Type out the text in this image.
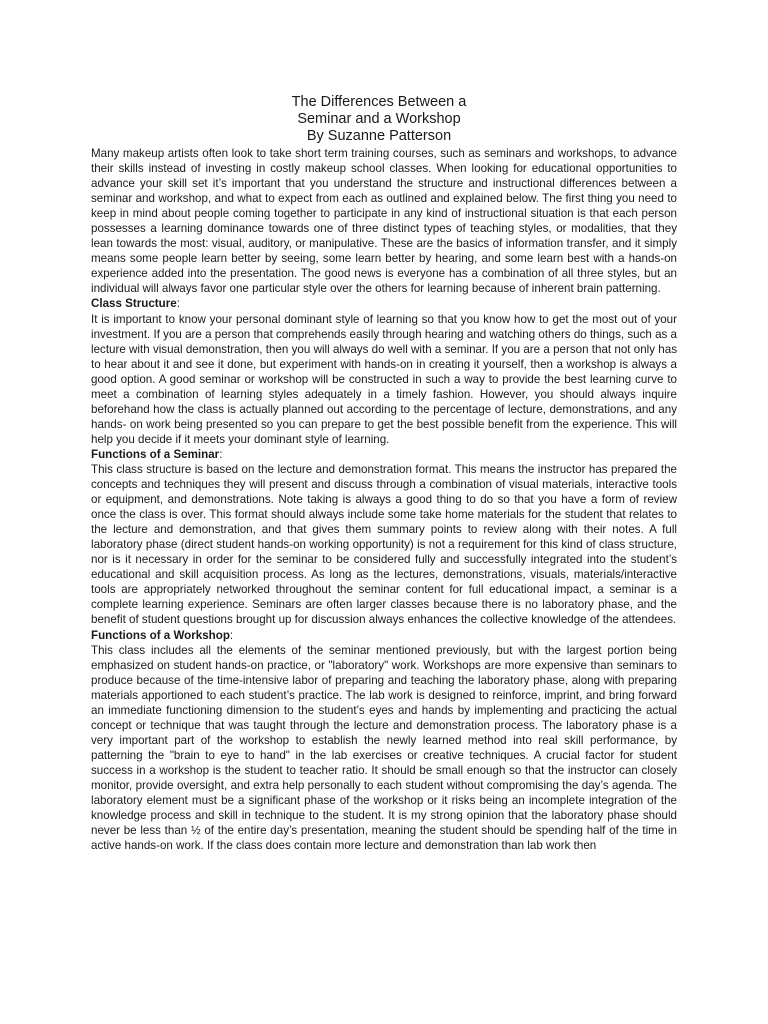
The Differences Between a
Seminar and a Workshop
By Suzanne Patterson

Many makeup artists often look to take short term training courses, such as seminars and workshops, to advance their skills instead of investing in costly makeup school classes. When looking for educational opportunities to advance your skill set it’s important that you understand the structure and instructional differences between a seminar and workshop, and what to expect from each as outlined and explained below. The first thing you need to keep in mind about people coming together to participate in any kind of instructional situation is that each person possesses a learning dominance towards one of three distinct types of teaching styles, or modalities, that they lean towards the most: visual, auditory, or manipulative. These are the basics of information transfer, and it simply means some people learn better by seeing, some learn better by hearing, and some learn best with a hands-on experience added into the presentation. The good news is everyone has a combination of all three styles, but an individual will always favor one particular style over the others for learning because of inherent brain patterning.

Class Structure:

It is important to know your personal dominant style of learning so that you know how to get the most out of your investment. If you are a person that comprehends easily through hearing and watching others do things, such as a lecture with visual demonstration, then you will always do well with a seminar. If you are a person that not only has to hear about it and see it done, but experiment with hands-on in creating it yourself, then a workshop is always a good option. A good seminar or workshop will be constructed in such a way to provide the best learning curve to meet a combination of learning styles adequately in a timely fashion. However, you should always inquire beforehand how the class is actually planned out according to the percentage of lecture, demonstrations, and any hands- on work being presented so you can prepare to get the best possible benefit from the experience. This will help you decide if it meets your dominant style of learning.

Functions of a Seminar:

This class structure is based on the lecture and demonstration format. This means the instructor has prepared the concepts and techniques they will present and discuss through a combination of visual materials, interactive tools or equipment, and demonstrations. Note taking is always a good thing to do so that you have a form of review once the class is over. This format should always include some take home materials for the student that relates to the lecture and demonstration, and that gives them summary points to review along with their notes. A full laboratory phase (direct student hands-on working opportunity) is not a requirement for this kind of class structure, nor is it necessary in order for the seminar to be considered fully and successfully integrated into the student’s educational and skill acquisition process. As long as the lectures, demonstrations, visuals, materials/interactive tools are appropriately networked throughout the seminar content for full educational impact, a seminar is a complete learning experience. Seminars are often larger classes because there is no laboratory phase, and the benefit of student questions brought up for discussion always enhances the collective knowledge of the attendees.

Functions of a Workshop:

This class includes all the elements of the seminar mentioned previously, but with the largest portion being emphasized on student hands-on practice, or "laboratory" work. Workshops are more expensive than seminars to produce because of the time-intensive labor of preparing and teaching the laboratory phase, along with preparing materials apportioned to each student’s practice. The lab work is designed to reinforce, imprint, and bring forward an immediate functioning dimension to the student’s eyes and hands by implementing and practicing the actual concept or technique that was taught through the lecture and demonstration process. The laboratory phase is a very important part of the workshop to establish the newly learned method into real skill performance, by patterning the "brain to eye to hand" in the lab exercises or creative techniques. A crucial factor for student success in a workshop is the student to teacher ratio. It should be small enough so that the instructor can closely monitor, provide oversight, and extra help personally to each student without compromising the day’s agenda. The laboratory element must be a significant phase of the workshop or it risks being an incomplete integration of the knowledge process and skill in technique to the student. It is my strong opinion that the laboratory phase should never be less than ½ of the entire day’s presentation, meaning the student should be spending half of the time in active hands-on work. If the class does contain more lecture and demonstration than lab work then
